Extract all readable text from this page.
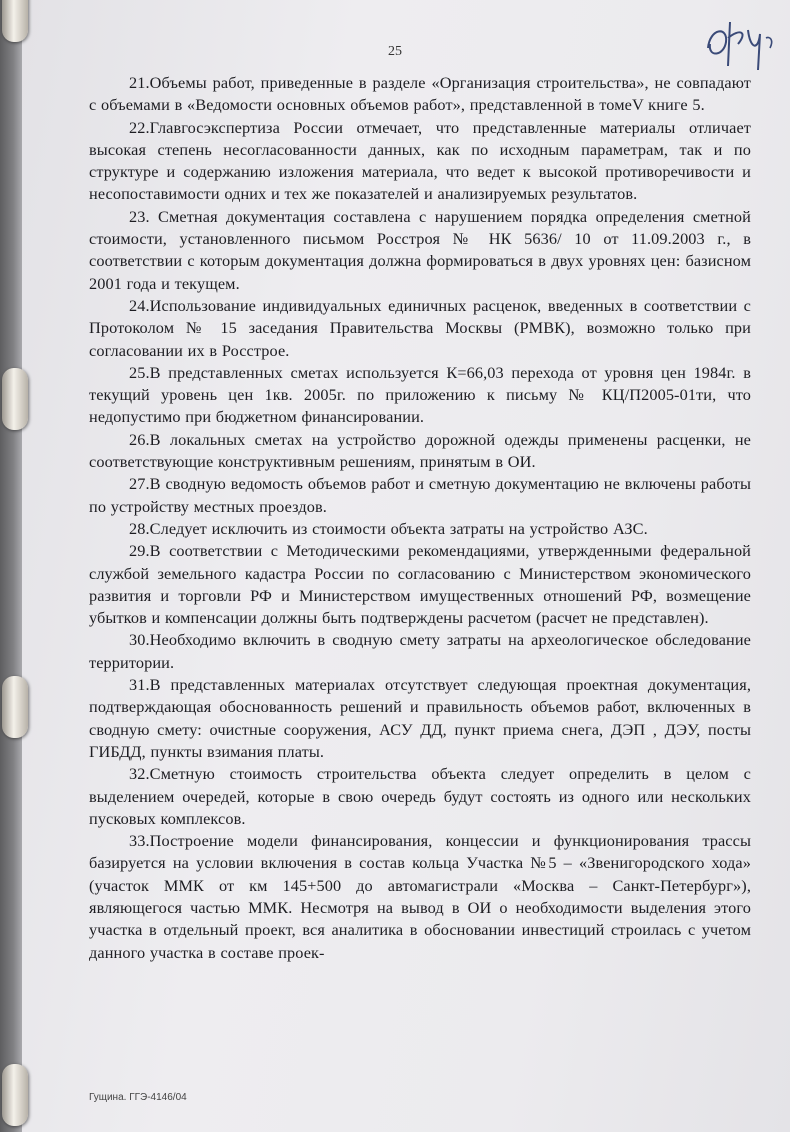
25

21.Объемы работ, приведенные в разделе «Организация строительства», не совпадают с объемами в «Ведомости основных объемов работ», представленной в томеV книге 5.

22.Главгосэкспертиза России отмечает, что представленные материалы отличает высокая степень несогласованности данных, как по исходным параметрам, так и по структуре и содержанию изложения материала, что ведет к высокой противоречивости и несопоставимости одних и тех же показателей и анализируемых результатов.

23. Сметная документация составлена с нарушением порядка определения сметной стоимости, установленного письмом Росстроя № НК 5636/ 10 от 11.09.2003 г., в соответствии с которым документация должна формироваться в двух уровнях цен: базисном 2001 года и текущем.

24.Использование индивидуальных единичных расценок, введенных в соответствии с Протоколом № 15 заседания Правительства Москвы (РМВК), возможно только при согласовании их в Росстрое.

25.В представленных сметах используется К=66,03 перехода от уровня цен 1984г. в текущий уровень цен 1кв. 2005г. по приложению к письму № КЦ/П2005-01ти, что недопустимо при бюджетном финансировании.

26.В локальных сметах на устройство дорожной одежды применены расценки, не соответствующие конструктивным решениям, принятым в ОИ.

27.В сводную ведомость объемов работ и сметную документацию не включены работы по устройству местных проездов.

28.Следует исключить из стоимости объекта затраты на устройство АЗС.

29.В соответствии с Методическими рекомендациями, утвержденными федеральной службой земельного кадастра России по согласованию с Министерством экономического развития и торговли РФ и Министерством имущественных отношений РФ, возмещение убытков и компенсации должны быть подтверждены расчетом (расчет не представлен).

30.Необходимо включить в сводную смету затраты на археологическое обследование территории.

31.В представленных материалах отсутствует следующая проектная документация, подтверждающая обоснованность решений и правильность объемов работ, включенных в сводную смету: очистные сооружения, АСУ ДД, пункт приема снега, ДЭП , ДЭУ, посты ГИБДД, пункты взимания платы.

32.Сметную стоимость строительства объекта следует определить в целом с выделением очередей, которые в свою очередь будут состоять из одного или нескольких пусковых комплексов.

33.Построение модели финансирования, концессии и функционирования трассы базируется на условии включения в состав кольца Участка №5 – «Звенигородского хода» (участок ММК от км 145+500 до автомагистрали «Москва – Санкт-Петербург»), являющегося частью ММК. Несмотря на вывод в ОИ о необходимости выделения этого участка в отдельный проект, вся аналитика в обосновании инвестиций строилась с учетом данного участка в составе проек-

Гущина. ГГЭ-4146/04
